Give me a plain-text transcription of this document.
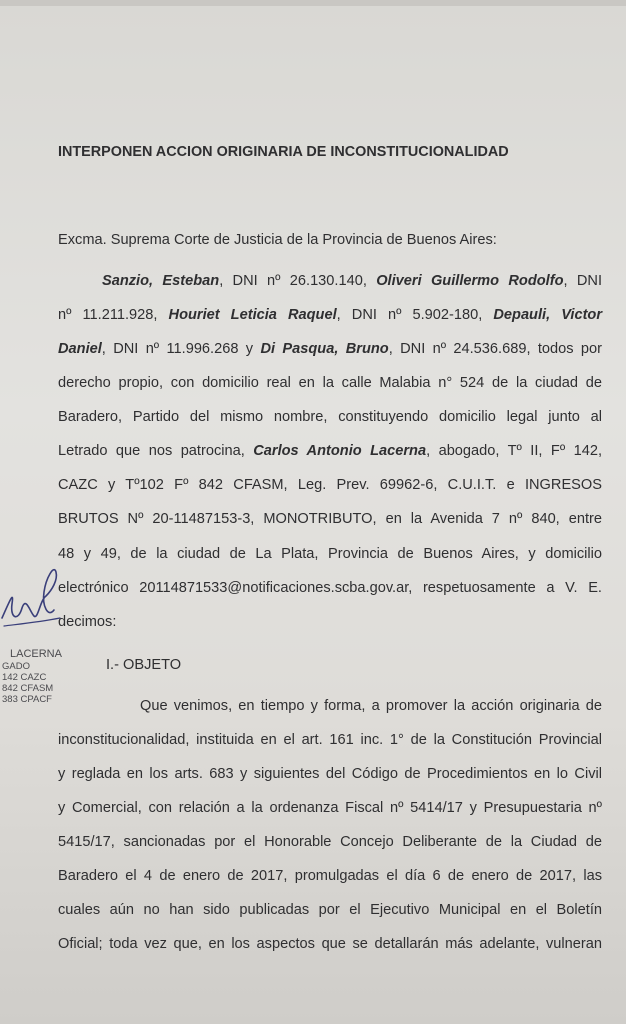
INTERPONEN ACCION ORIGINARIA DE INCONSTITUCIONALIDAD
Excma. Suprema Corte de Justicia de la Provincia de Buenos Aires:
Sanzio, Esteban, DNI nº 26.130.140, Oliveri Guillermo Rodolfo, DNI
nº 11.211.928, Houriet Leticia Raquel, DNI nº 5.902-180, Depauli, Victor
Daniel, DNI nº 11.996.268 y Di Pasqua, Bruno, DNI nº 24.536.689, todos por
derecho propio, con domicilio real en la calle Malabia n° 524 de la ciudad de
Baradero, Partido del mismo nombre, constituyendo domicilio legal junto al
Letrado que nos patrocina, Carlos Antonio Lacerna, abogado, Tº II, Fº 142,
CAZC y Tº102 Fº 842 CFASM, Leg. Prev. 69962-6, C.U.I.T. e INGRESOS
BRUTOS Nº 20-11487153-3, MONOTRIBUTO, en la Avenida 7 nº 840, entre
48 y 49, de la ciudad de La Plata, Provincia de Buenos Aires, y domicilio
electrónico 20114871533@notificaciones.scba.gov.ar, respetuosamente a V. E.
decimos:
I.- OBJETO
Que venimos, en tiempo y forma, a promover la acción originaria de
inconstitucionalidad, instituida en el art. 161 inc. 1° de la Constitución Provincial
y reglada en los arts. 683 y siguientes del Código de Procedimientos en lo Civil
y Comercial, con relación a la ordenanza Fiscal nº 5414/17 y Presupuestaria nº
5415/17, sancionadas por el Honorable Concejo Deliberante de la Ciudad de
Baradero el 4 de enero de 2017, promulgadas el día 6 de enero de 2017, las
cuales aún no han sido publicadas por el Ejecutivo Municipal en el Boletín
Oficial; toda vez que, en los aspectos que se detallarán más adelante, vulneran
LACERNA
GADO
142 CAZC
842 CFASM
383 CPACF
